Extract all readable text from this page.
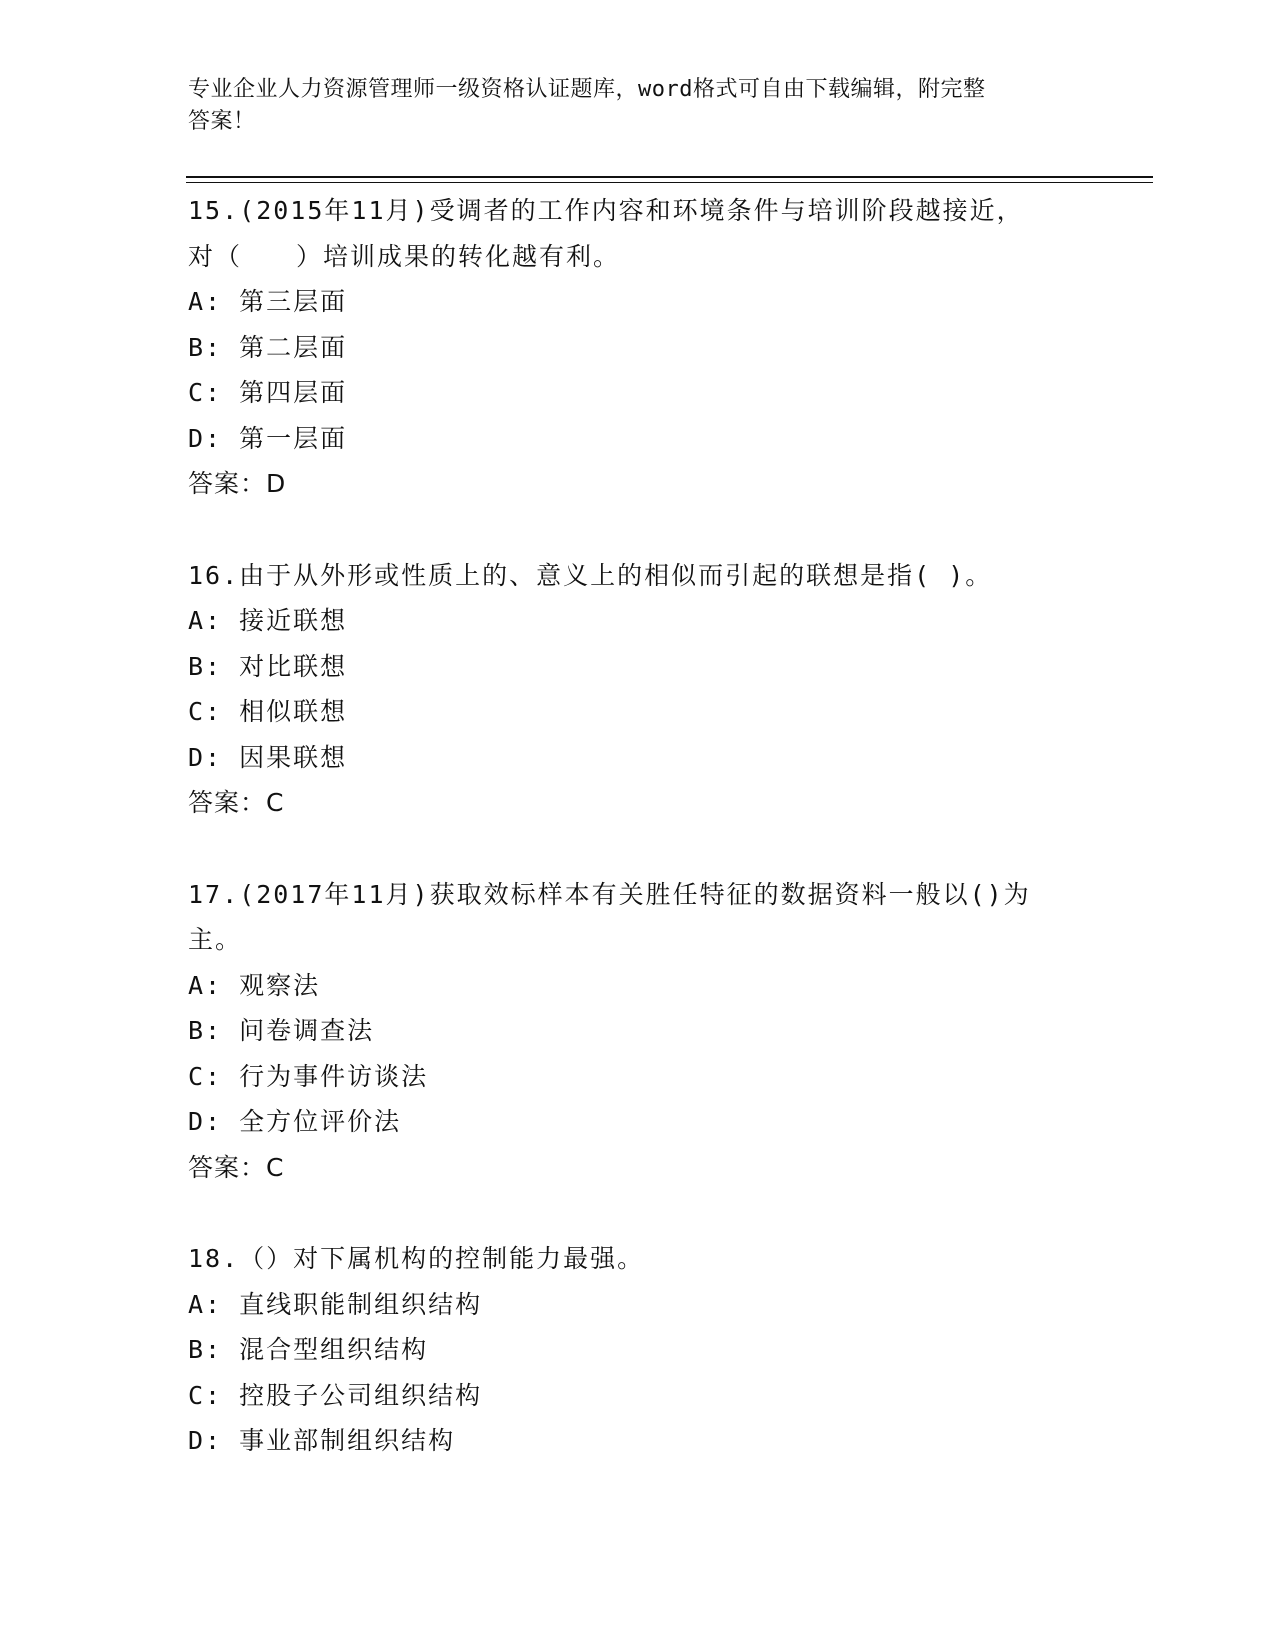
专业企业人力资源管理师一级资格认证题库，word格式可自由下载编辑，附完整
答案！
15.(2015年11月)受调者的工作内容和环境条件与培训阶段越接近，
对（　　）培训成果的转化越有利。
A: 第三层面
B: 第二层面
C: 第四层面
D: 第一层面
答案：D
16.由于从外形或性质上的、意义上的相似而引起的联想是指( )。
A: 接近联想
B: 对比联想
C: 相似联想
D: 因果联想
答案：C
17.(2017年11月)获取效标样本有关胜任特征的数据资料一般以()为
主。
A: 观察法
B: 问卷调查法
C: 行为事件访谈法
D: 全方位评价法
答案：C
18.（）对下属机构的控制能力最强。
A: 直线职能制组织结构
B: 混合型组织结构
C: 控股子公司组织结构
D: 事业部制组织结构
